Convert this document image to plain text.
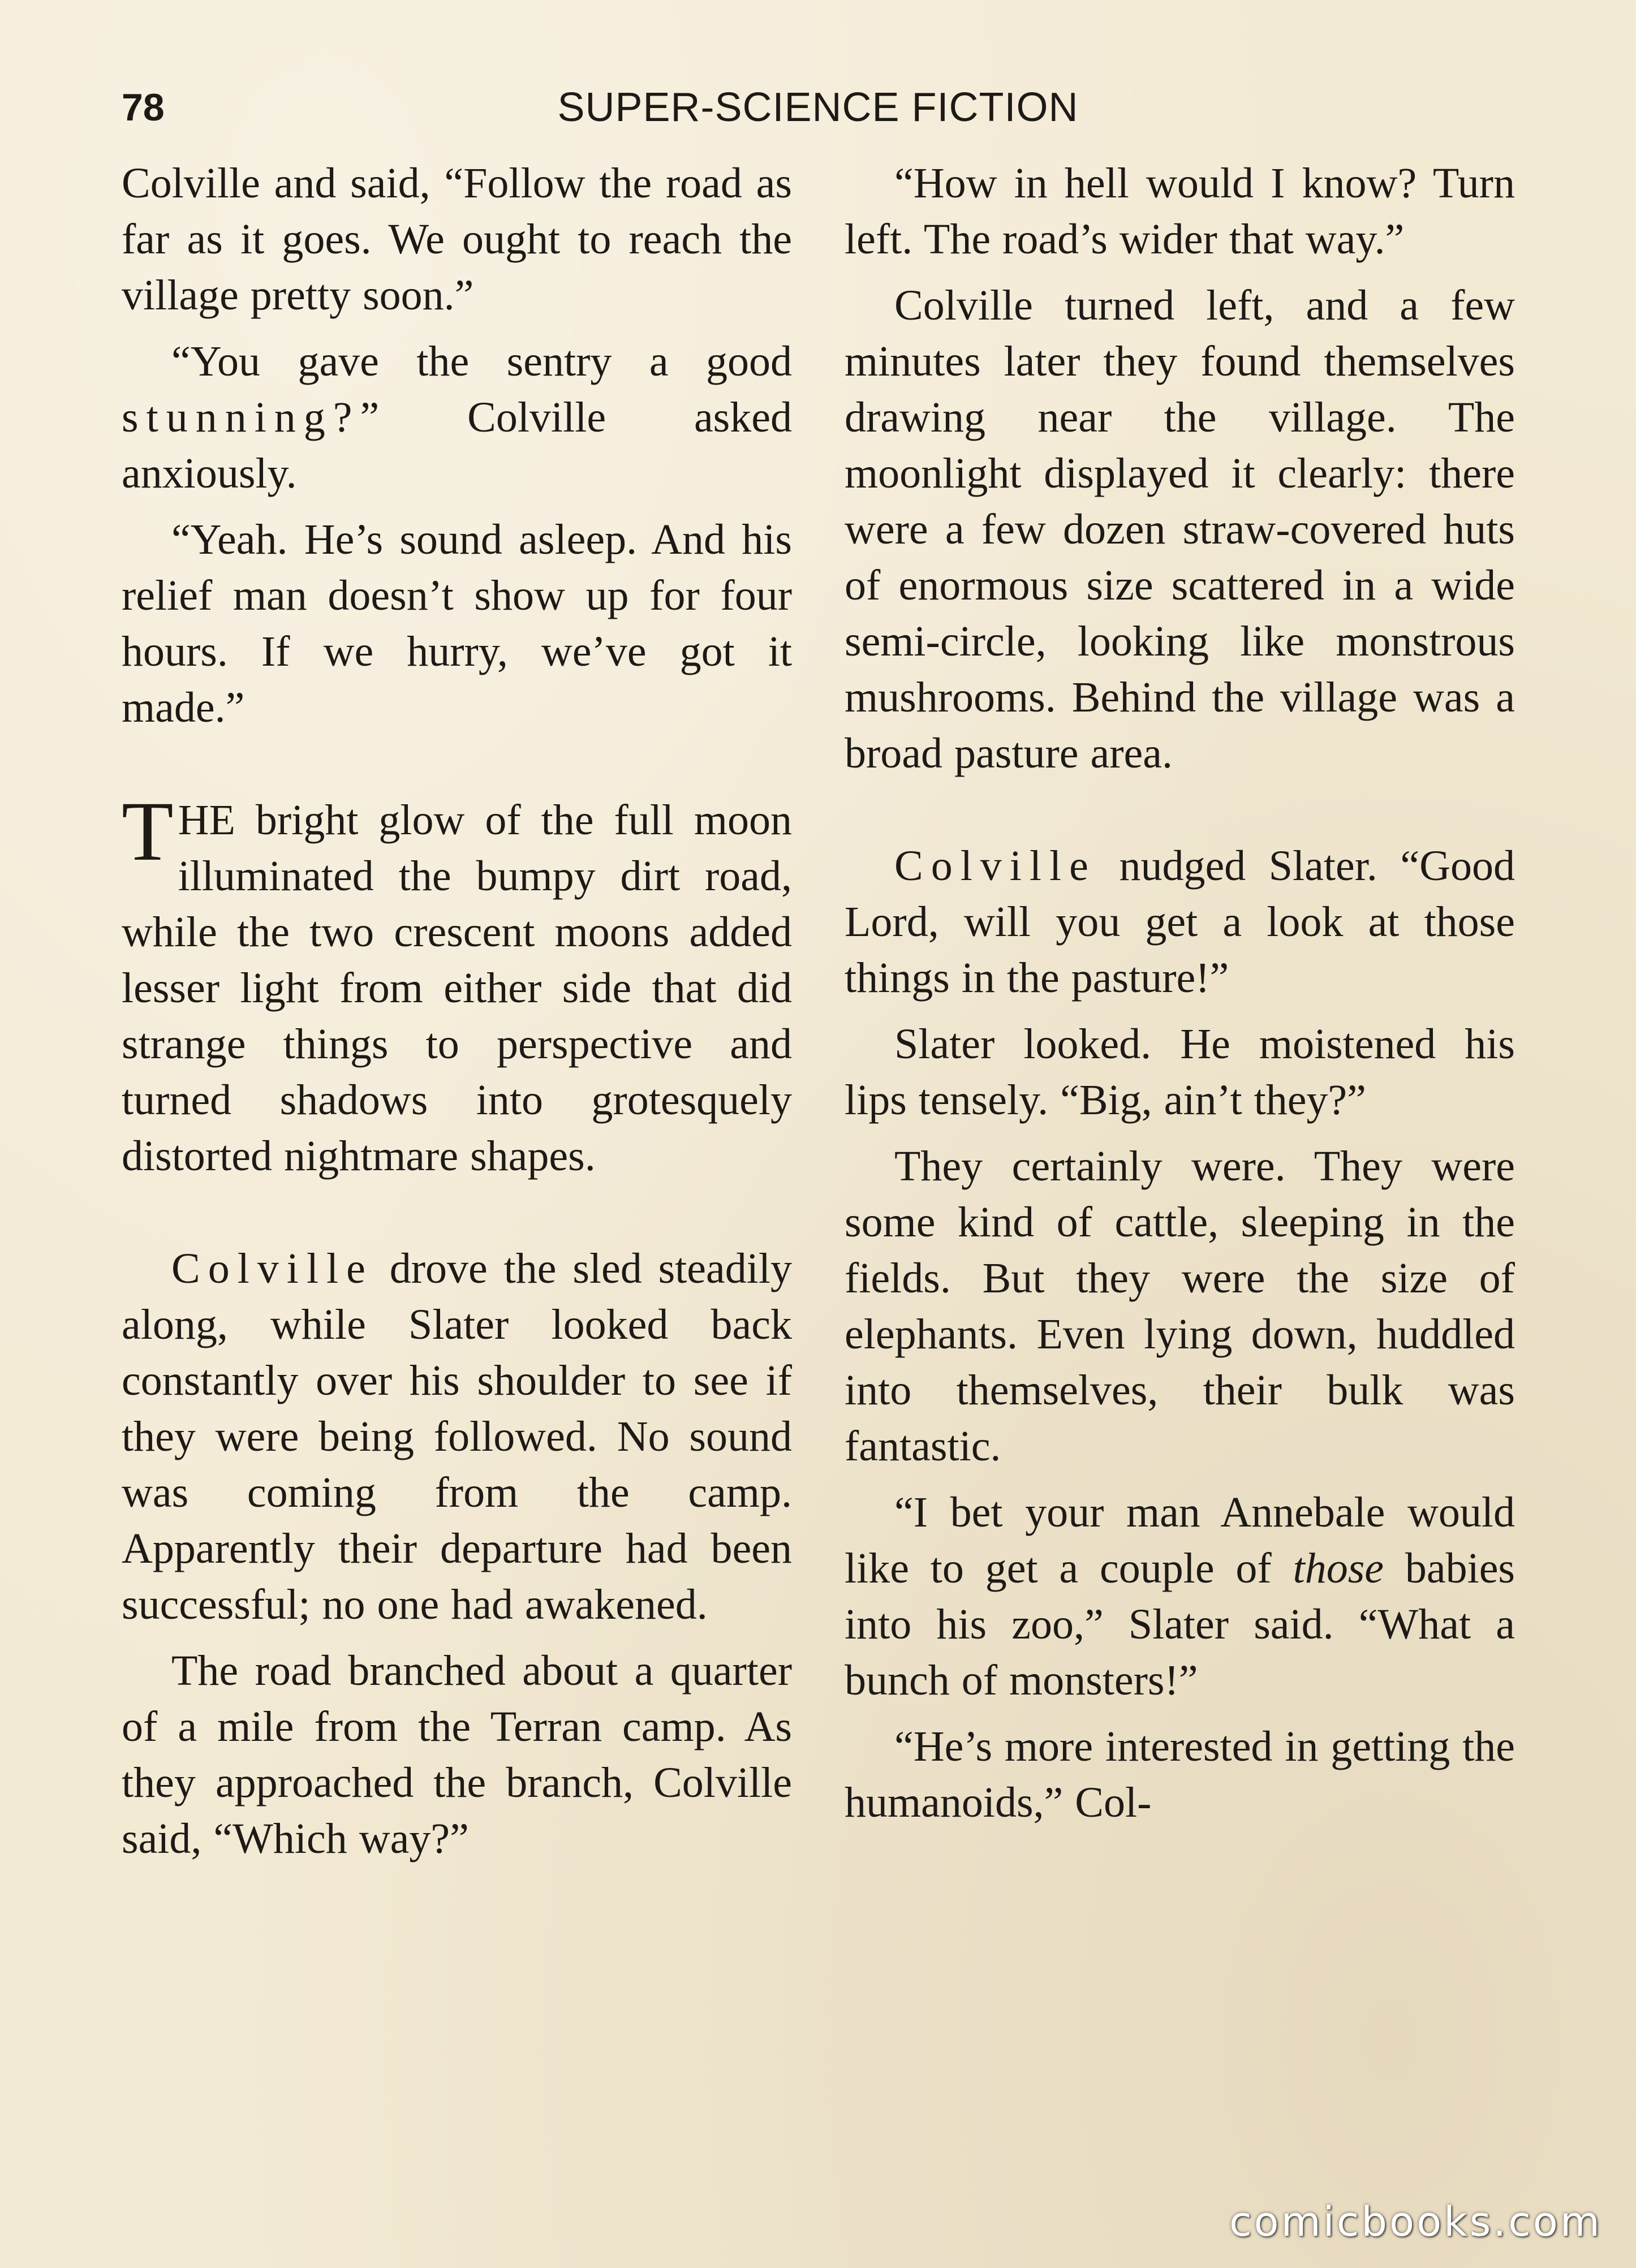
78	SUPER-SCIENCE FICTION

Colville and said, “Follow the road as far as it goes. We ought to reach the village pretty soon.”

“You gave the sentry a good stunning?” Colville asked anxiously.

“Yeah. He’s sound asleep. And his relief man doesn’t show up for four hours. If we hurry, we’ve got it made.”

THE bright glow of the full moon illuminated the bumpy dirt road, while the two crescent moons added lesser light from either side that did strange things to perspective and turned shadows into grotesquely distorted nightmare shapes.

Colville drove the sled steadily along, while Slater looked back constantly over his shoulder to see if they were being followed. No sound was coming from the camp. Apparently their departure had been successful; no one had awakened.

The road branched about a quarter of a mile from the Terran camp. As they approached the branch, Colville said, “Which way?”

“How in hell would I know? Turn left. The road’s wider that way.”

Colville turned left, and a few minutes later they found themselves drawing near the village. The moonlight displayed it clearly: there were a few dozen straw-covered huts of enormous size scattered in a wide semi-circle, looking like monstrous mushrooms. Behind the village was a broad pasture area.

Colville nudged Slater. “Good Lord, will you get a look at those things in the pasture!”

Slater looked. He moistened his lips tensely. “Big, ain’t they?”

They certainly were. They were some kind of cattle, sleeping in the fields. But they were the size of elephants. Even lying down, huddled into themselves, their bulk was fantastic.

“I bet your man Annebale would like to get a couple of those babies into his zoo,” Slater said. “What a bunch of monsters!”

“He’s more interested in getting the humanoids,” Col-

comicbooks.com
